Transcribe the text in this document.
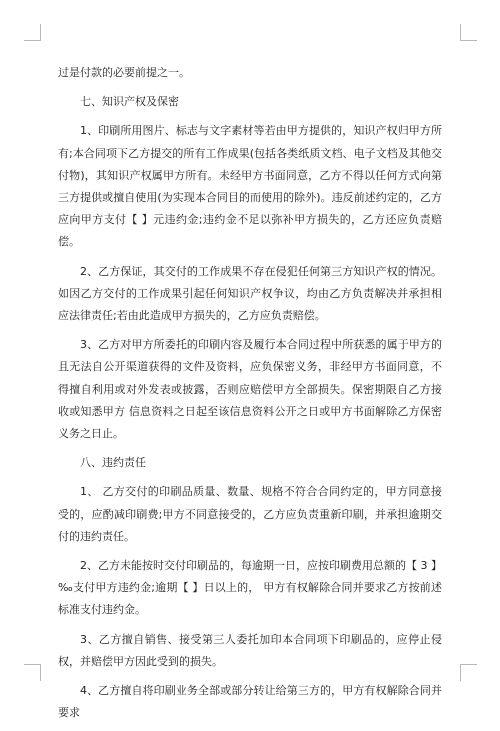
过是付款的必要前提之一。

七、知识产权及保密

1、印刷所用图片、标志与文字素材等若由甲方提供的，知识产权归甲方所有;本合同项下乙方提交的所有工作成果(包括各类纸质文档、电子文档及其他交付物)，其知识产权属甲方所有。未经甲方书面同意，乙方不得以任何方式向第三方提供或擅自使用(为实现本合同目的而使用的除外)。违反前述约定的，乙方应向甲方支付【 】元违约金;违约金不足以弥补甲方损失的，乙方还应负责赔偿。

2、乙方保证，其交付的工作成果不存在侵犯任何第三方知识产权的情况。如因乙方交付的工作成果引起任何知识产权争议，均由乙方负责解决并承担相应法律责任;若由此造成甲方损失的，乙方应负责赔偿。

3、乙方对甲方所委托的印刷内容及履行本合同过程中所获悉的属于甲方的且无法自公开渠道获得的文件及资料，应负保密义务，非经甲方书面同意，不得擅自利用或对外发表或披露，否则应赔偿甲方全部损失。保密期限自乙方接收或知悉甲方 信息资料之日起至该信息资料公开之日或甲方书面解除乙方保密义务之日止。

八、违约责任

1、 乙方交付的印刷品质量、数量、规格不符合合同约定的，甲方同意接受的，应酌减印刷费;甲方不同意接受的，乙方应负责重新印刷，并承担逾期交付的违约责任。

2、乙方未能按时交付印刷品的，每逾期一日，应按印刷费用总额的【 3 】‰支付甲方违约金;逾期【 】日以上的， 甲方有权解除合同并要求乙方按前述标准支付违约金。

3、乙方擅自销售、接受第三人委托加印本合同项下印刷品的，应停止侵权，并赔偿甲方因此受到的损失。

4、乙方擅自将印刷业务全部或部分转让给第三方的，甲方有权解除合同并要求
